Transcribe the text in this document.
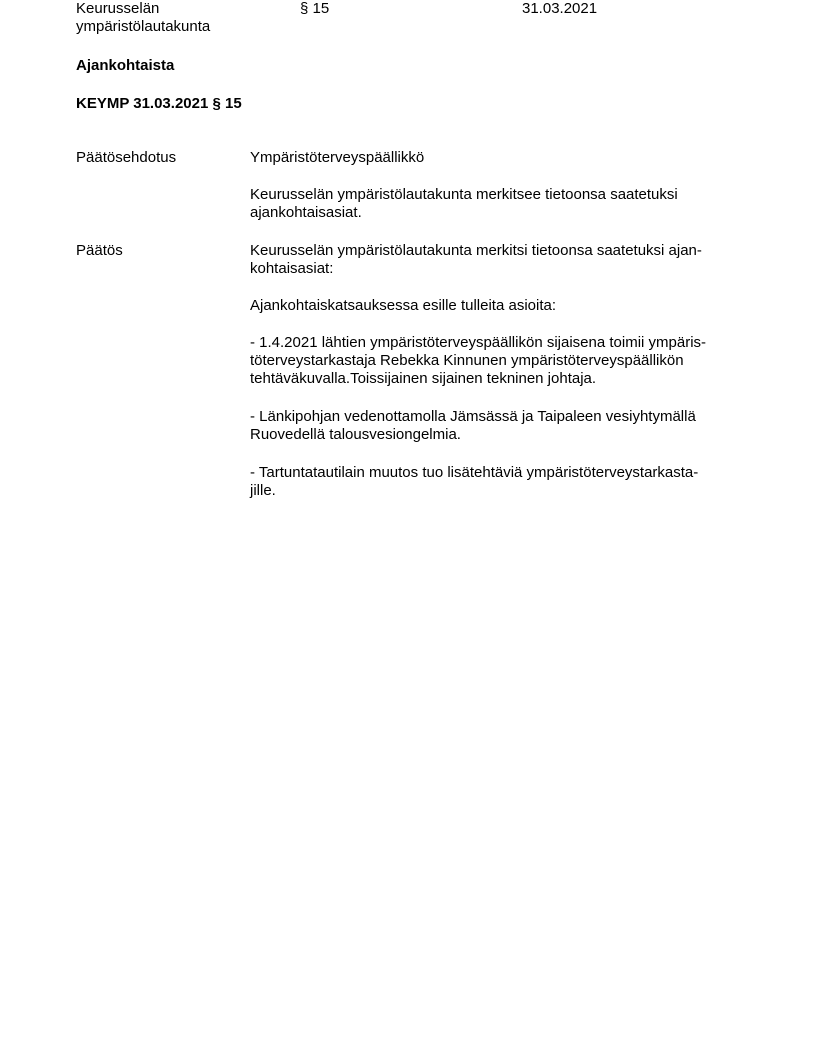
Keurusselän
ympäristölautakunta
§ 15	31.03.2021
Ajankohtaista
KEYMP 31.03.2021 § 15
Päätösehdotus	Ympäristöterveyspäällikkö
Keurusselän ympäristölautakunta merkitsee tietoonsa saatetuksi
ajankohtaisasiat.
Päätös	Keurusselän ympäristölautakunta merkitsi tietoonsa saatetuksi ajan-
kohtaisasiat:
Ajankohtaiskatsauksessa esille tulleita asioita:
- 1.4.2021 lähtien ympäristöterveyspäällikön sijaisena toimii ympäris-
töterveystarkastaja Rebekka Kinnunen ympäristöterveyspäällikön
tehtäväkuvalla.Toissijainen sijainen tekninen johtaja.
- Länkipohjan vedenottamolla Jämsässä ja Taipaleen vesiyhtymällä
Ruovedellä talousvesiongelmia.
- Tartuntatautilain muutos tuo lisätehtäviä ympäristöterveystarkasta-
jille.
